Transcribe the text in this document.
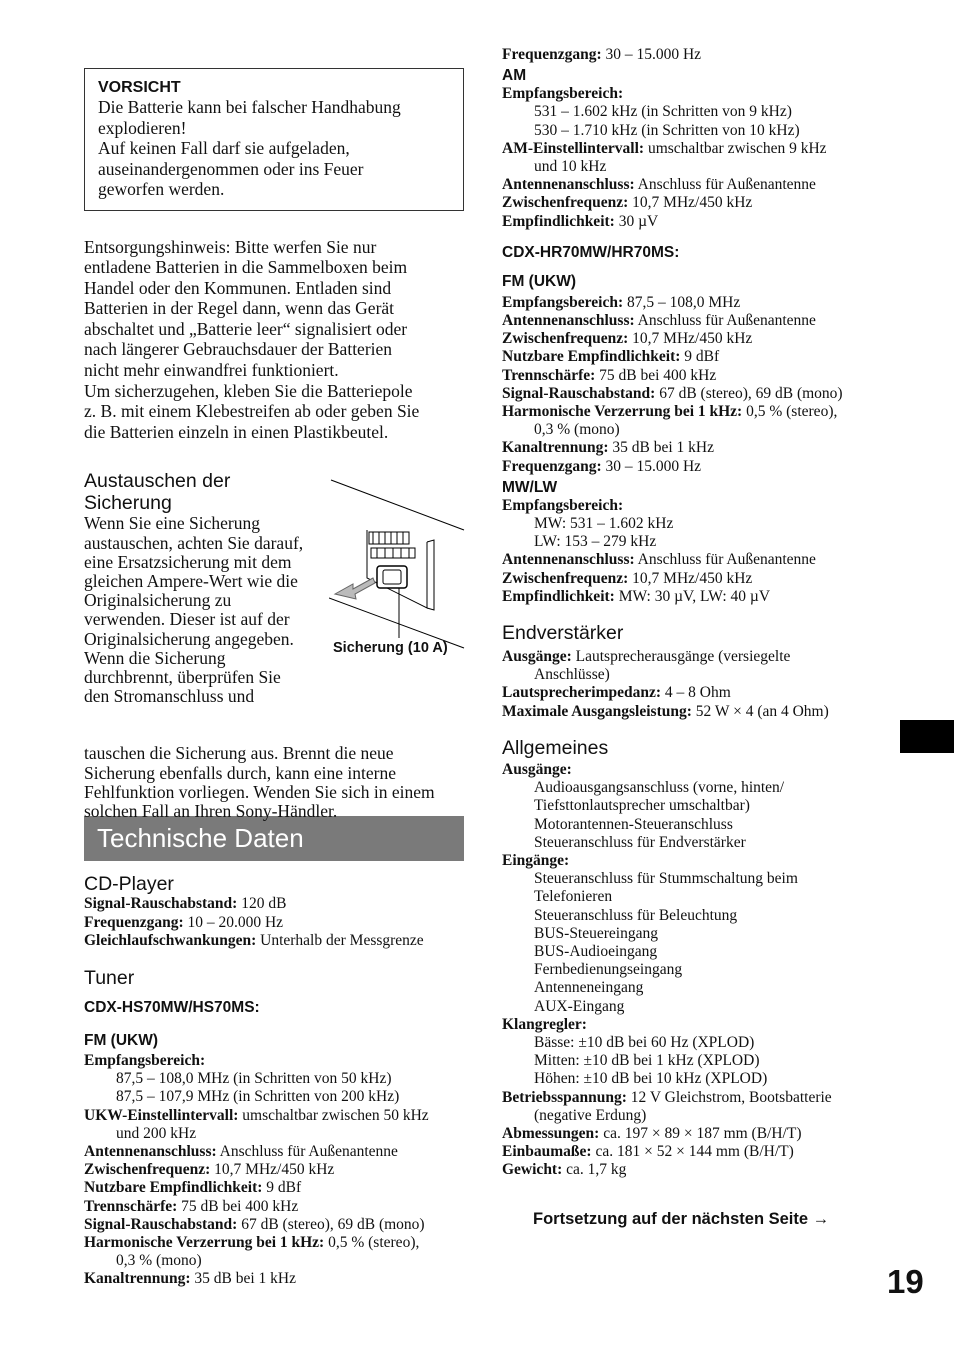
VORSICHT
Die Batterie kann bei falscher Handhabung
explodieren!
Auf keinen Fall darf sie aufgeladen,
auseinandergenommen oder ins Feuer
geworfen werden.

Entsorgungshinweis: Bitte werfen Sie nur

entladene Batterien in die Sammelboxen beim

Handel oder den Kommunen. Entladen sind

Batterien in der Regel dann, wenn das Gerät

abschaltet und „Batterie leer“ signalisiert oder

nach längerer Gebrauchsdauer der Batterien

nicht mehr einwandfrei funktioniert.

Um sicherzugehen, kleben Sie die Batteriepole

z. B. mit einem Klebestreifen ab oder geben Sie

die Batterien einzeln in einen Plastikbeutel.

Austauschen der
Sicherung
Wenn Sie eine Sicherung
austauschen, achten Sie darauf,
eine Ersatzsicherung mit dem
gleichen Ampere-Wert wie die
Originalsicherung zu
verwenden. Dieser ist auf der
Originalsicherung angegeben.
Wenn die Sicherung
durchbrennt, überprüfen Sie
den Stromanschluss und
tauschen die Sicherung aus. Brennt die neue
Sicherung ebenfalls durch, kann eine interne
Fehlfunktion vorliegen. Wenden Sie sich in einem
solchen Fall an Ihren Sony-Händler.
Sicherung (10 A)
Technische Daten
CD-Player
Signal-Rauschabstand: 120 dB
Frequenzgang: 10 – 20.000 Hz
Gleichlaufschwankungen: Unterhalb der Messgrenze
Tuner
CDX-HS70MW/HS70MS:
FM (UKW)
Empfangsbereich:
87,5 – 108,0 MHz (in Schritten von 50 kHz)
87,5 – 107,9 MHz (in Schritten von 200 kHz)
UKW-Einstellintervall: umschaltbar zwischen 50 kHz
und 200 kHz
Antennenanschluss: Anschluss für Außenantenne
Zwischenfrequenz: 10,7 MHz/450 kHz
Nutzbare Empfindlichkeit: 9 dBf
Trennschärfe: 75 dB bei 400 kHz
Signal-Rauschabstand: 67 dB (stereo), 69 dB (mono)
Harmonische Verzerrung bei 1 kHz: 0,5 % (stereo),
0,3 % (mono)
Kanaltrennung: 35 dB bei 1 kHz
Frequenzgang: 30 – 15.000 Hz
AM
Empfangsbereich:
531 – 1.602 kHz (in Schritten von 9 kHz)
530 – 1.710 kHz (in Schritten von 10 kHz)
AM-Einstellintervall: umschaltbar zwischen 9 kHz
und 10 kHz
Antennenanschluss: Anschluss für Außenantenne
Zwischenfrequenz: 10,7 MHz/450 kHz
Empfindlichkeit: 30 µV
CDX-HR70MW/HR70MS:
FM (UKW)
Empfangsbereich: 87,5 – 108,0 MHz
Antennenanschluss: Anschluss für Außenantenne
Zwischenfrequenz: 10,7 MHz/450 kHz
Nutzbare Empfindlichkeit: 9 dBf
Trennschärfe: 75 dB bei 400 kHz
Signal-Rauschabstand: 67 dB (stereo), 69 dB (mono)
Harmonische Verzerrung bei 1 kHz: 0,5 % (stereo),
0,3 % (mono)
Kanaltrennung: 35 dB bei 1 kHz
Frequenzgang: 30 – 15.000 Hz
MW/LW
Empfangsbereich:
MW: 531 – 1.602 kHz
LW: 153 – 279 kHz
Antennenanschluss: Anschluss für Außenantenne
Zwischenfrequenz: 10,7 MHz/450 kHz
Empfindlichkeit: MW: 30 µV, LW: 40 µV
Endverstärker
Ausgänge: Lautsprecherausgänge (versiegelte
Anschlüsse)
Lautsprecherimpedanz: 4 – 8 Ohm
Maximale Ausgangsleistung: 52 W × 4 (an 4 Ohm)
Allgemeines
Ausgänge:
Audioausgangsanschluss (vorne, hinten/
Tiefsttonlautsprecher umschaltbar)
Motorantennen-Steueranschluss
Steueranschluss für Endverstärker
Eingänge:
Steueranschluss für Stummschaltung beim
Telefonieren
Steueranschluss für Beleuchtung
BUS-Steuereingang
BUS-Audioeingang
Fernbedienungseingang
Antenneneingang
AUX-Eingang
Klangregler:
Bässe: ±10 dB bei 60 Hz (XPLOD)
Mitten: ±10 dB bei 1 kHz (XPLOD)
Höhen: ±10 dB bei 10 kHz (XPLOD)
Betriebsspannung: 12 V Gleichstrom, Bootsbatterie
(negative Erdung)
Abmessungen: ca. 197 × 89 × 187 mm (B/H/T)
Einbaumaße: ca. 181 × 52 × 144 mm (B/H/T)
Gewicht: ca. 1,7 kg
Fortsetzung auf der nächsten Seite →
19
